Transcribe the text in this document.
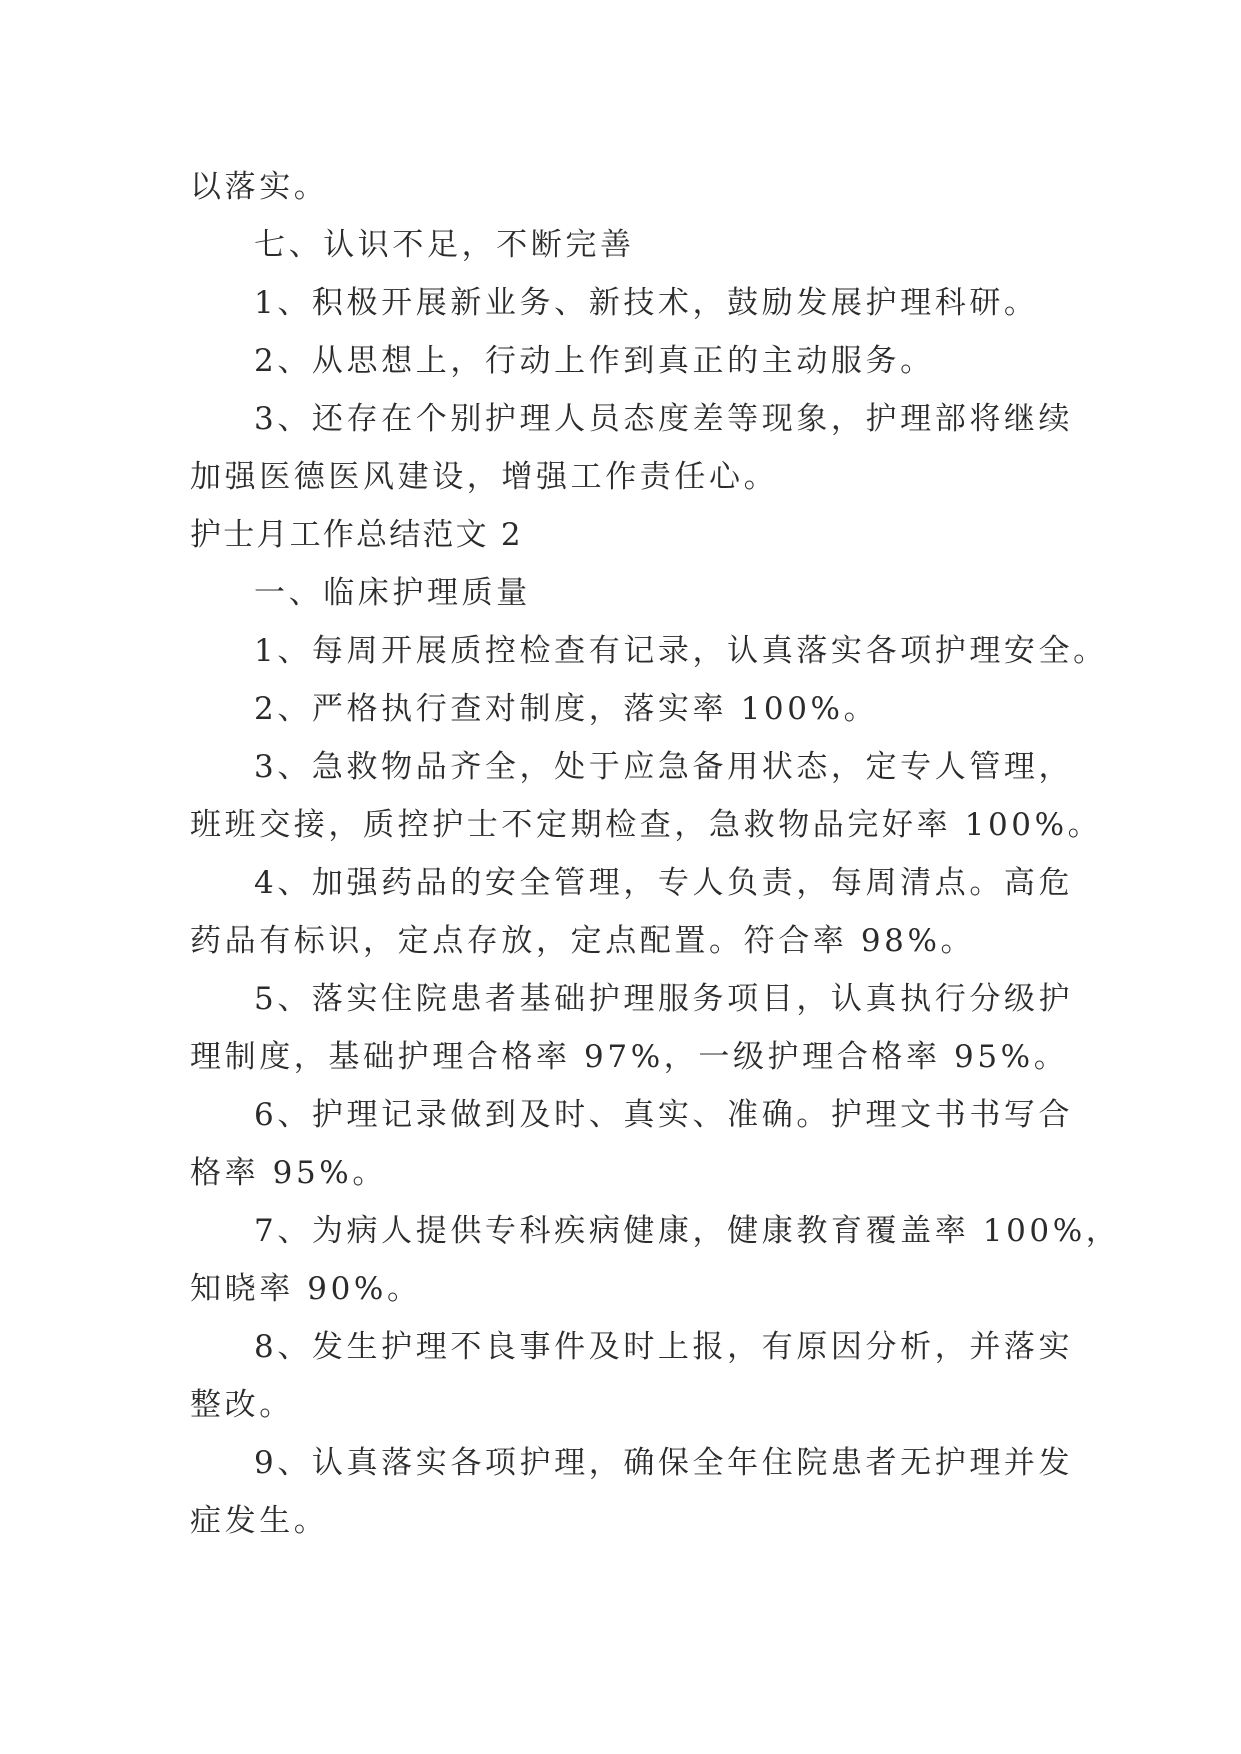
以落实。
七、认识不足，不断完善
1、积极开展新业务、新技术，鼓励发展护理科研。
2、从思想上，行动上作到真正的主动服务。
3、还存在个别护理人员态度差等现象，护理部将继续
加强医德医风建设，增强工作责任心。
护士月工作总结范文 2
一、临床护理质量
1、每周开展质控检查有记录，认真落实各项护理安全。
2、严格执行查对制度，落实率 100%。
3、急救物品齐全，处于应急备用状态，定专人管理，
班班交接，质控护士不定期检查，急救物品完好率 100%。
4、加强药品的安全管理，专人负责，每周清点。高危
药品有标识，定点存放，定点配置。符合率 98%。
5、落实住院患者基础护理服务项目，认真执行分级护
理制度，基础护理合格率 97%，一级护理合格率 95%。
6、护理记录做到及时、真实、准确。护理文书书写合
格率 95%。
7、为病人提供专科疾病健康，健康教育覆盖率 100%，
知晓率 90%。
8、发生护理不良事件及时上报，有原因分析，并落实
整改。
9、认真落实各项护理，确保全年住院患者无护理并发
症发生。
